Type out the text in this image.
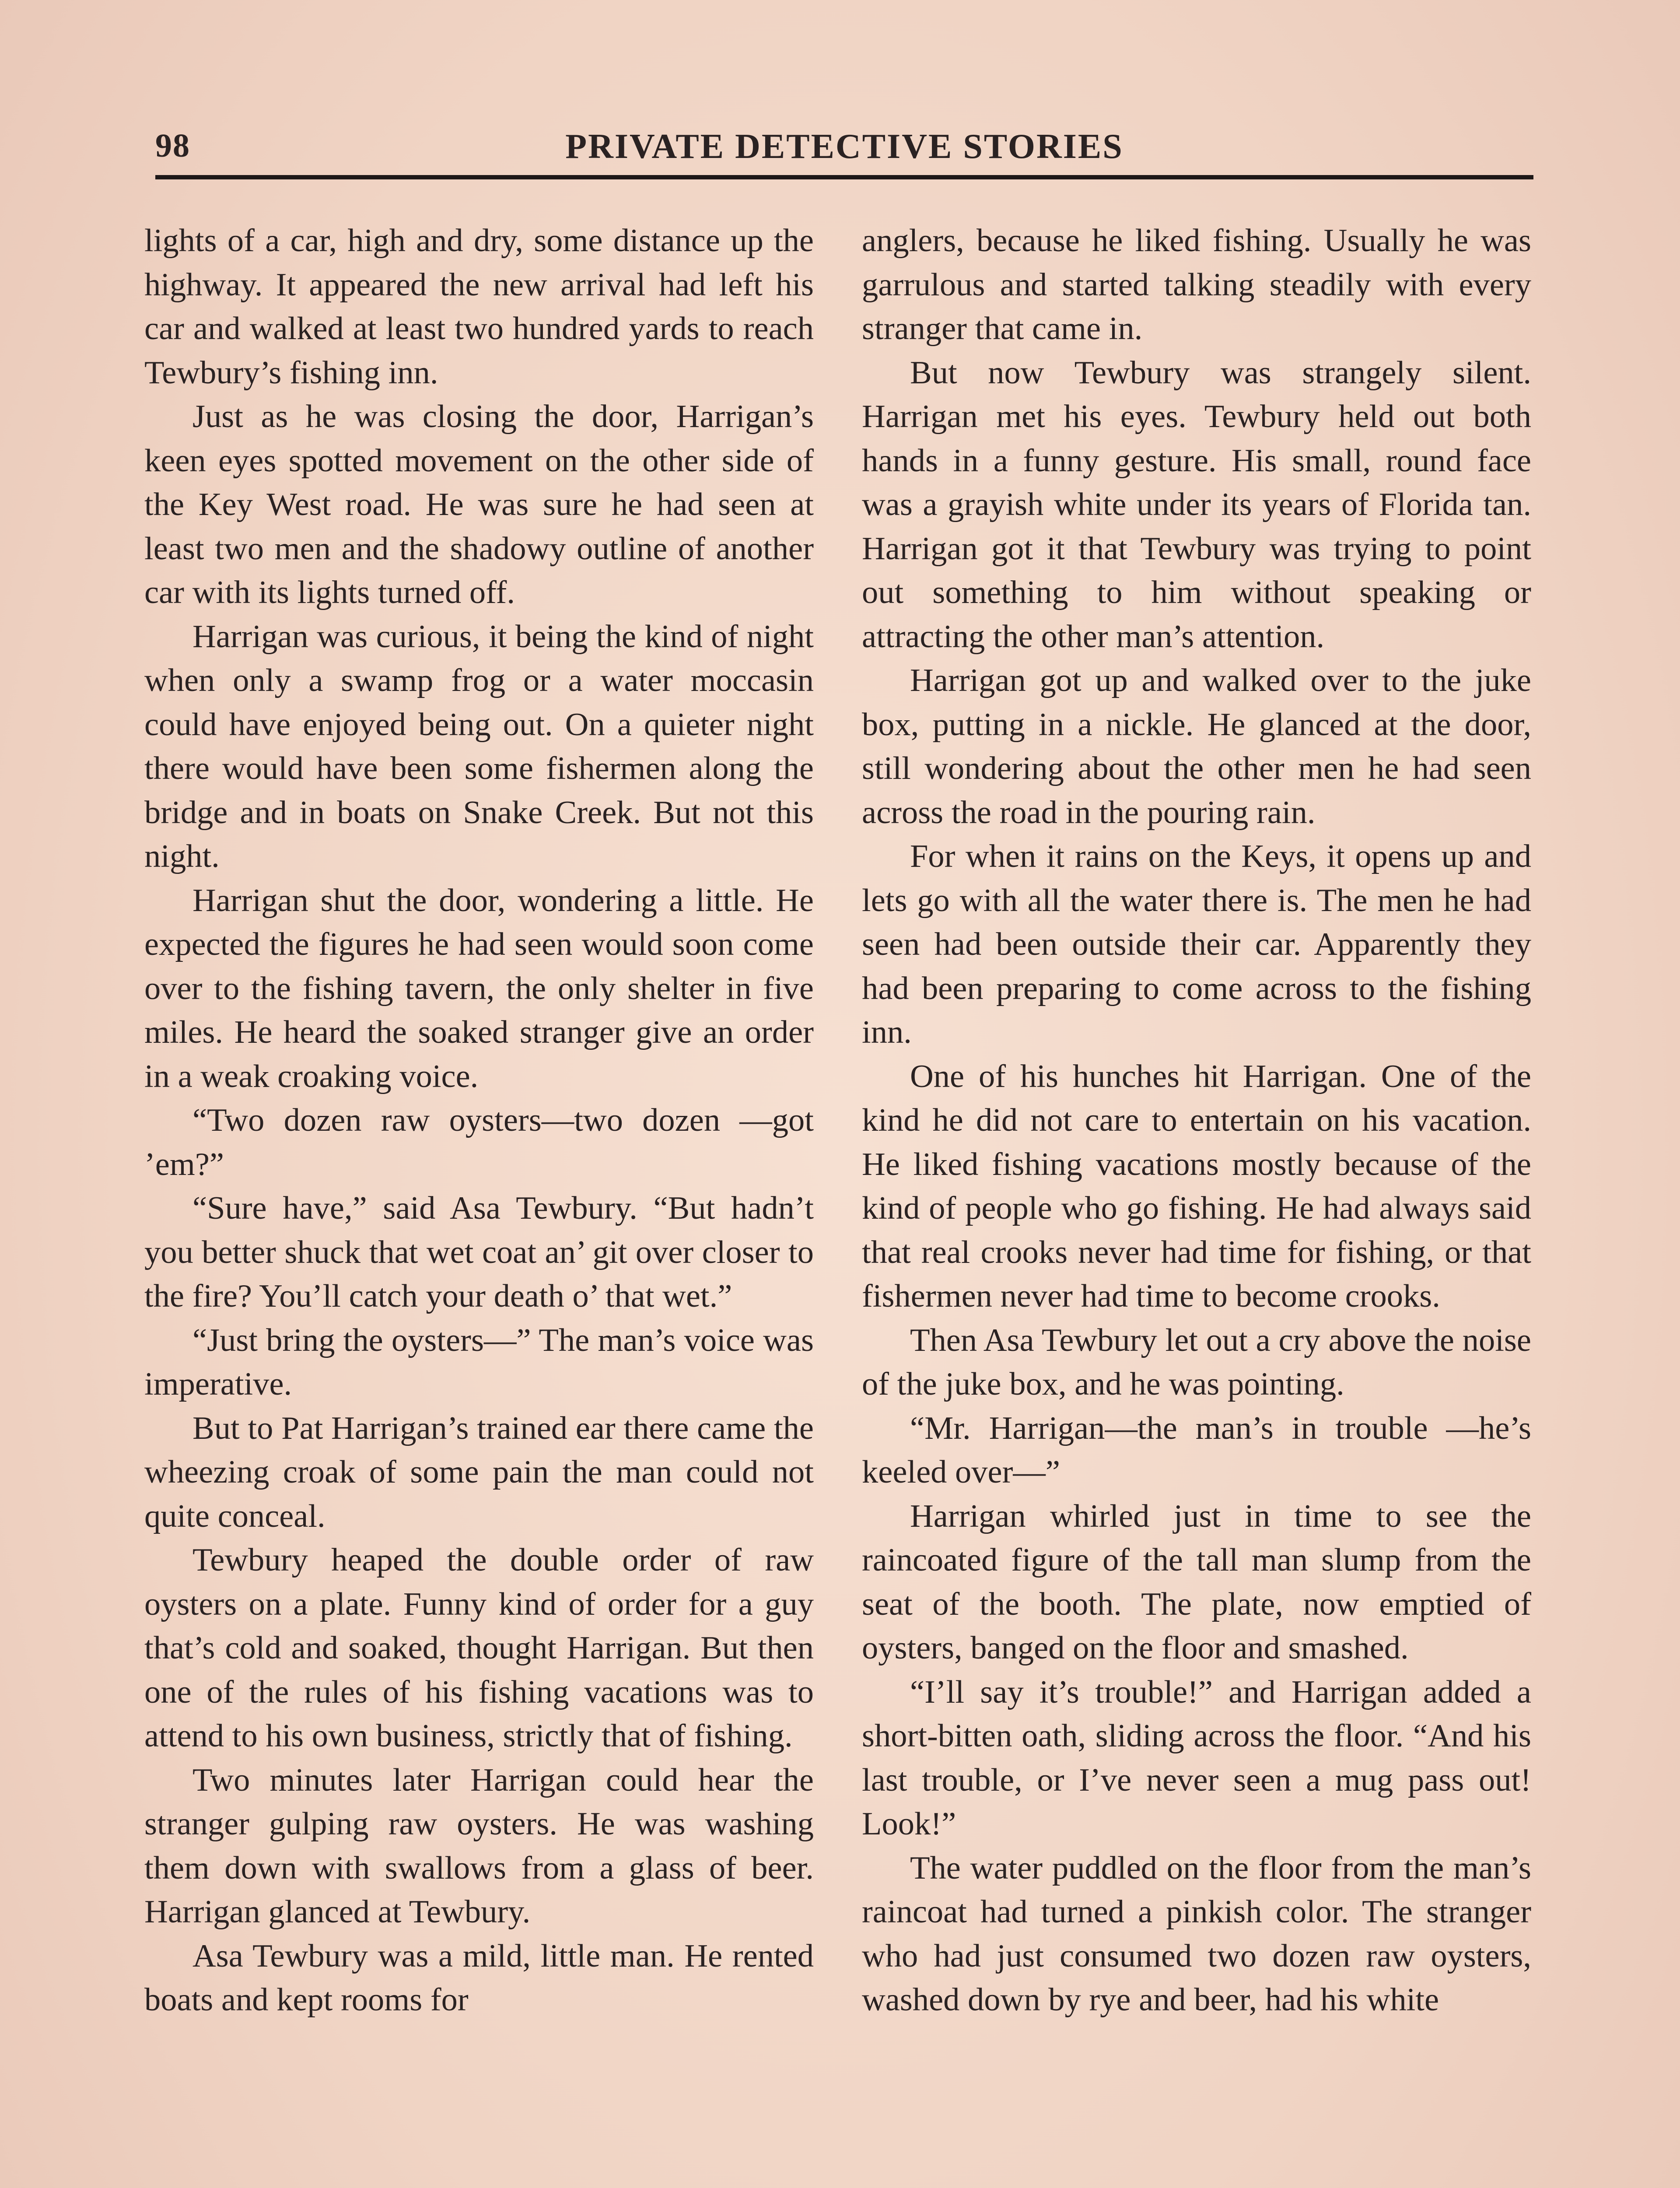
98	PRIVATE DETECTIVE STORIES

lights of a car, high and dry, some distance up the highway. It appeared the new arrival had left his car and walked at least two hundred yards to reach Tewbury’s fishing inn.

Just as he was closing the door, Harrigan’s keen eyes spotted movement on the other side of the Key West road. He was sure he had seen at least two men and the shadowy outline of another car with its lights turned off.

Harrigan was curious, it being the kind of night when only a swamp frog or a water moccasin could have enjoyed being out. On a quieter night there would have been some fishermen along the bridge and in boats on Snake Creek. But not this night.

Harrigan shut the door, wondering a little. He expected the figures he had seen would soon come over to the fishing tavern, the only shelter in five miles. He heard the soaked stranger give an order in a weak croaking voice.

“Two dozen raw oysters—two dozen —got ’em?”

“Sure have,” said Asa Tewbury. “But hadn’t you better shuck that wet coat an’ git over closer to the fire? You’ll catch your death o’ that wet.”

“Just bring the oysters—” The man’s voice was imperative.

But to Pat Harrigan’s trained ear there came the wheezing croak of some pain the man could not quite conceal.

Tewbury heaped the double order of raw oysters on a plate. Funny kind of order for a guy that’s cold and soaked, thought Harrigan. But then one of the rules of his fishing vacations was to attend to his own business, strictly that of fishing.

Two minutes later Harrigan could hear the stranger gulping raw oysters. He was washing them down with swallows from a glass of beer. Harrigan glanced at Tewbury.

Asa Tewbury was a mild, little man. He rented boats and kept rooms for

anglers, because he liked fishing. Usually he was garrulous and started talking steadily with every stranger that came in.

But now Tewbury was strangely silent. Harrigan met his eyes. Tewbury held out both hands in a funny gesture. His small, round face was a grayish white under its years of Florida tan. Harrigan got it that Tewbury was trying to point out something to him without speaking or attracting the other man’s attention.

Harrigan got up and walked over to the juke box, putting in a nickle. He glanced at the door, still wondering about the other men he had seen across the road in the pouring rain.

For when it rains on the Keys, it opens up and lets go with all the water there is. The men he had seen had been outside their car. Apparently they had been preparing to come across to the fishing inn.

One of his hunches hit Harrigan. One of the kind he did not care to entertain on his vacation. He liked fishing vacations mostly because of the kind of people who go fishing. He had always said that real crooks never had time for fishing, or that fishermen never had time to become crooks.

Then Asa Tewbury let out a cry above the noise of the juke box, and he was pointing.

“Mr. Harrigan—the man’s in trouble —he’s keeled over—”

Harrigan whirled just in time to see the raincoated figure of the tall man slump from the seat of the booth. The plate, now emptied of oysters, banged on the floor and smashed.

“I’ll say it’s trouble!” and Harrigan added a short-bitten oath, sliding across the floor. “And his last trouble, or I’ve never seen a mug pass out! Look!”

The water puddled on the floor from the man’s raincoat had turned a pinkish color. The stranger who had just consumed two dozen raw oysters, washed down by rye and beer, had his white
